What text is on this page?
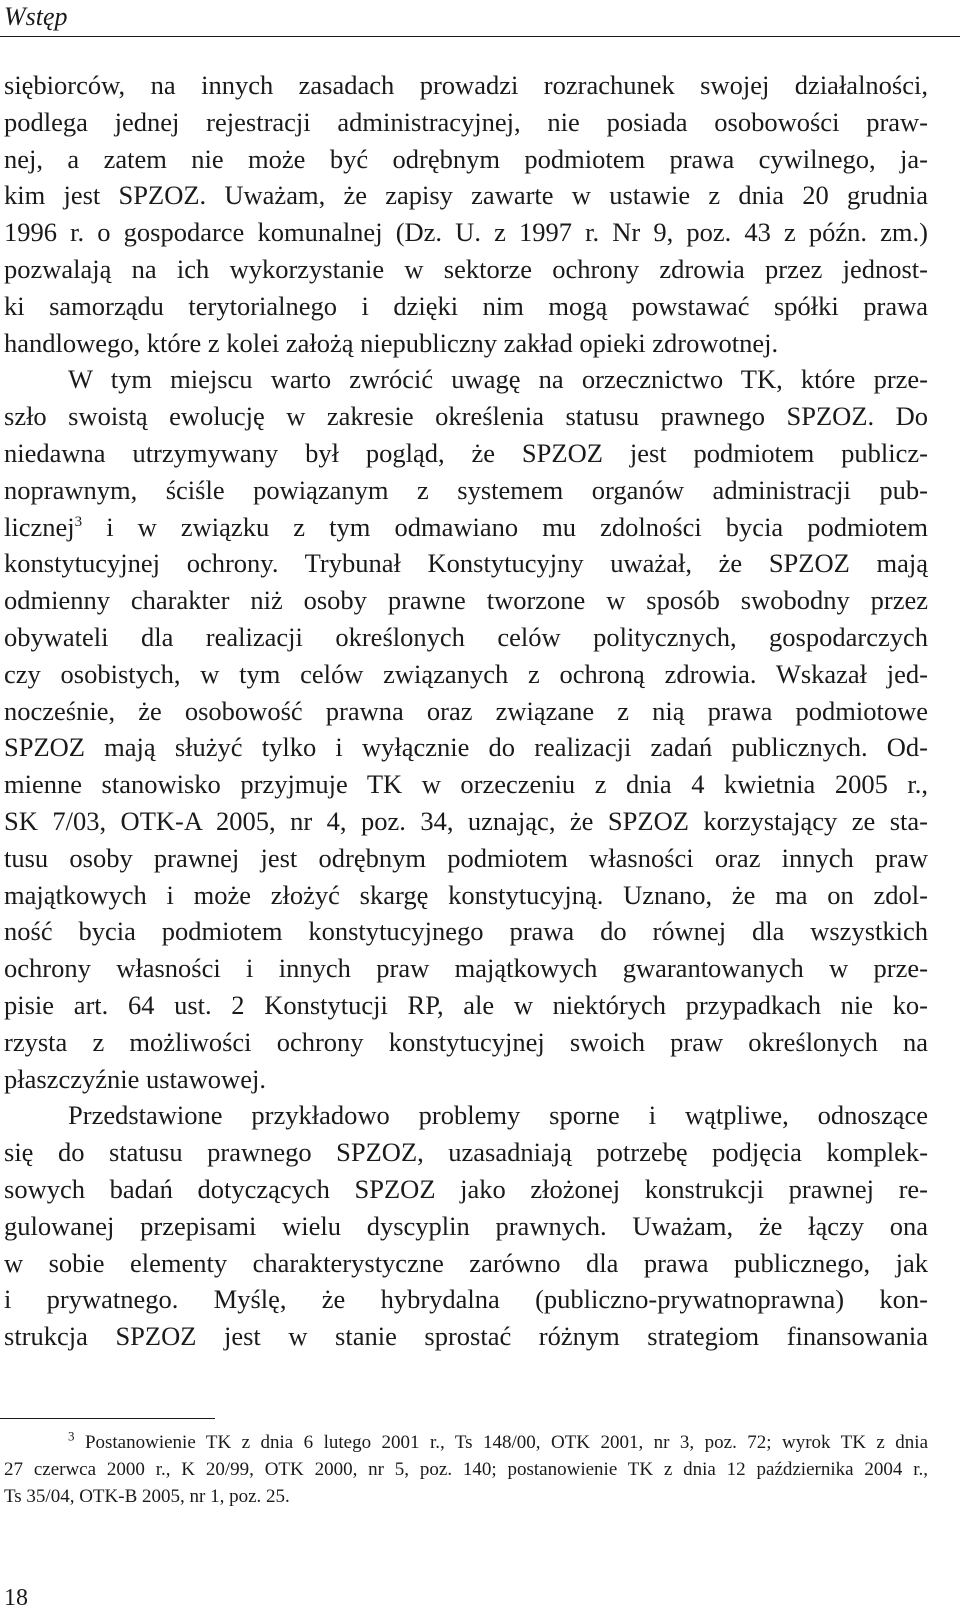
Wstęp
siębiorców, na innych zasadach prowadzi rozrachunek swojej działalności,
podlega jednej rejestracji administracyjnej, nie posiada osobowości praw-
nej, a zatem nie może być odrębnym podmiotem prawa cywilnego, ja-
kim jest SPZOZ. Uważam, że zapisy zawarte w ustawie z dnia 20 grudnia
1996 r. o gospodarce komunalnej (Dz. U. z 1997 r. Nr 9, poz. 43 z późn. zm.)
pozwalają na ich wykorzystanie w sektorze ochrony zdrowia przez jednost-
ki samorządu terytorialnego i dzięki nim mogą powstawać spółki prawa
handlowego, które z kolei założą niepubliczny zakład opieki zdrowotnej.
W tym miejscu warto zwrócić uwagę na orzecznictwo TK, które prze-
szło swoistą ewolucję w zakresie określenia statusu prawnego SPZOZ. Do
niedawna utrzymywany był pogląd, że SPZOZ jest podmiotem publicz-
noprawnym, ściśle powiązanym z systemem organów administracji pub-
licznej$^3$ i w związku z tym odmawiano mu zdolności bycia podmiotem
konstytucyjnej ochrony. Trybunał Konstytucyjny uważał, że SPZOZ mają
odmienny charakter niż osoby prawne tworzone w sposób swobodny przez
obywateli dla realizacji określonych celów politycznych, gospodarczych
czy osobistych, w tym celów związanych z ochroną zdrowia. Wskazał jed-
nocześnie, że osobowość prawna oraz związane z nią prawa podmiotowe
SPZOZ mają służyć tylko i wyłącznie do realizacji zadań publicznych. Od-
mienne stanowisko przyjmuje TK w orzeczeniu z dnia 4 kwietnia 2005 r.,
SK 7/03, OTK-A 2005, nr 4, poz. 34, uznając, że SPZOZ korzystający ze sta-
tusu osoby prawnej jest odrębnym podmiotem własności oraz innych praw
majątkowych i może złożyć skargę konstytucyjną. Uznano, że ma on zdol-
ność bycia podmiotem konstytucyjnego prawa do równej dla wszystkich
ochrony własności i innych praw majątkowych gwarantowanych w prze-
pisie art. 64 ust. 2 Konstytucji RP, ale w niektórych przypadkach nie ko-
rzysta z możliwości ochrony konstytucyjnej swoich praw określonych na
płaszczyźnie ustawowej.
Przedstawione przykładowo problemy sporne i wątpliwe, odnoszące
się do statusu prawnego SPZOZ, uzasadniają potrzebę podjęcia komplek-
sowych badań dotyczących SPZOZ jako złożonej konstrukcji prawnej re-
gulowanej przepisami wielu dyscyplin prawnych. Uważam, że łączy ona
w sobie elementy charakterystyczne zarówno dla prawa publicznego, jak
i prywatnego. Myślę, że hybrydalna (publiczno-prywatnoprawna) kon-
strukcja SPZOZ jest w stanie sprostać różnym strategiom finansowania
$^3$ Postanowienie TK z dnia 6 lutego 2001 r., Ts 148/00, OTK 2001, nr 3, poz. 72; wyrok TK z dnia
27 czerwca 2000 r., K 20/99, OTK 2000, nr 5, poz. 140; postanowienie TK z dnia 12 października 2004 r.,
Ts 35/04, OTK-B 2005, nr 1, poz. 25.
18
